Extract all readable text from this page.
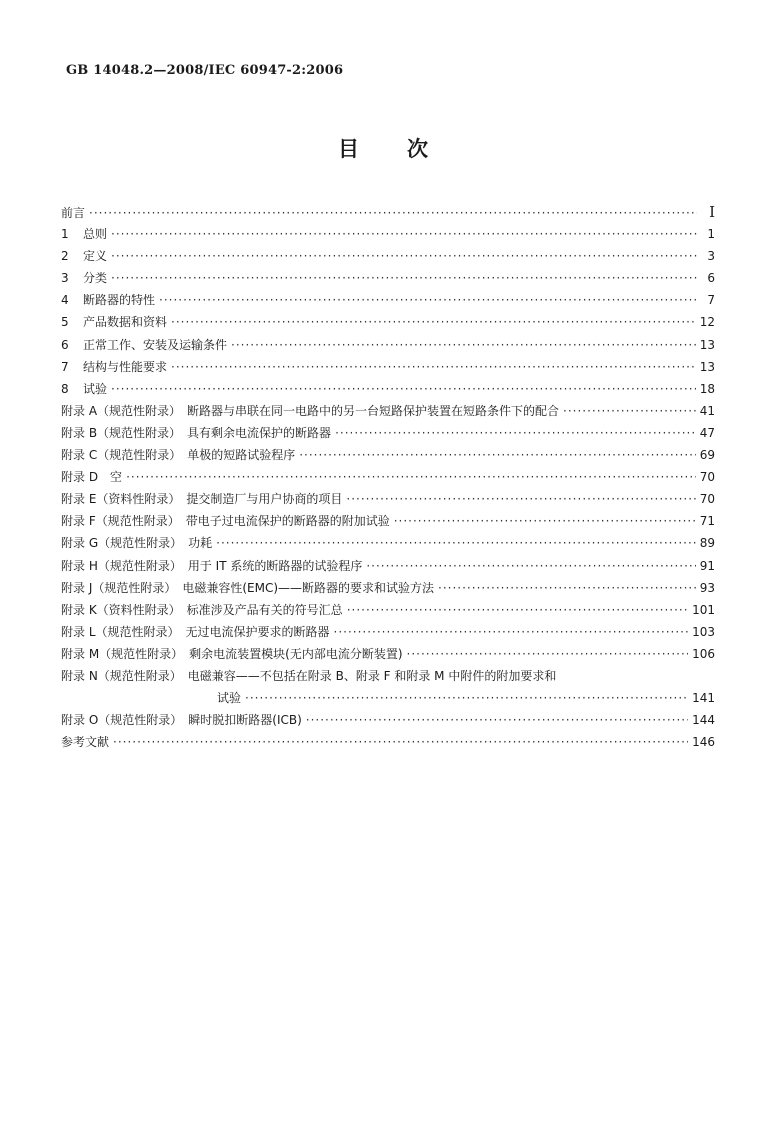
GB 14048.2—2008/IEC 60947-2:2006
目　　次
前言 ·····	Ⅰ
1 总则 ·····	1
2 定义 ·····	3
3 分类 ·····	6
4 断路器的特性 ·····	7
5 产品数据和资料 ·····	12
6 正常工作、安装及运输条件 ·····	13
7 结构与性能要求 ·····	13
8 试验 ·····	18
附录 A（规范性附录）　断路器与串联在同一电路中的另一台短路保护装置在短路条件下的配合 ·····	41
附录 B（规范性附录）　具有剩余电流保护的断路器 ·····	47
附录 C（规范性附录）　单极的短路试验程序 ·····	69
附录 D　空 ·····	70
附录 E（资料性附录）　提交制造厂与用户协商的项目 ·····	70
附录 F（规范性附录）　带电子过电流保护的断路器的附加试验 ·····	71
附录 G（规范性附录）　功耗 ·····	89
附录 H（规范性附录）　用于 IT 系统的断路器的试验程序 ·····	91
附录 J（规范性附录）　电磁兼容性(EMC)——断路器的要求和试验方法 ·····	93
附录 K（资料性附录）　标准涉及产品有关的符号汇总 ·····	101
附录 L（规范性附录）　无过电流保护要求的断路器 ·····	103
附录 M（规范性附录）　剩余电流装置模块(无内部电流分断装置) ·····	106
附录 N（规范性附录）　电磁兼容——不包括在附录 B、附录 F 和附录 M 中附件的附加要求和
试验 ·····	141
附录 O（规范性附录）　瞬时脱扣断路器(ICB) ·····	144
参考文献 ·····	146
